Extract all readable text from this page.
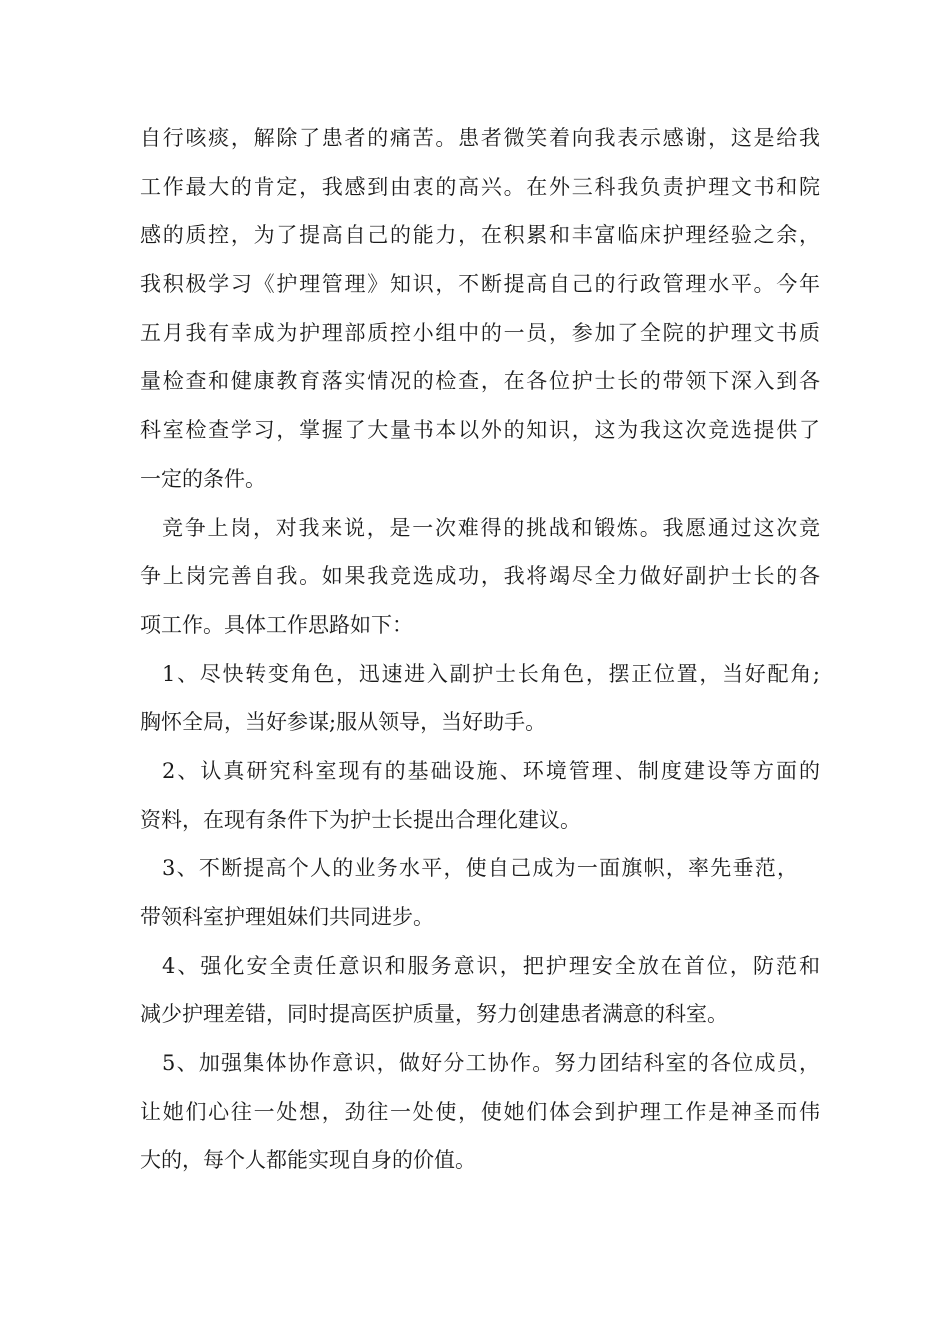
自行咳痰，解除了患者的痛苦。患者微笑着向我表示感谢，这是给我
工作最大的肯定，我感到由衷的高兴。在外三科我负责护理文书和院
感的质控，为了提高自己的能力，在积累和丰富临床护理经验之余，
我积极学习《护理管理》知识，不断提高自己的行政管理水平。今年
五月我有幸成为护理部质控小组中的一员，参加了全院的护理文书质
量检查和健康教育落实情况的检查，在各位护士长的带领下深入到各
科室检查学习，掌握了大量书本以外的知识，这为我这次竞选提供了
一定的条件。
竞争上岗，对我来说，是一次难得的挑战和锻炼。我愿通过这次竞
争上岗完善自我。如果我竞选成功，我将竭尽全力做好副护士长的各
项工作。具体工作思路如下：
1、尽快转变角色，迅速进入副护士长角色，摆正位置，当好配角;
胸怀全局，当好参谋;服从领导，当好助手。
2、认真研究科室现有的基础设施、环境管理、制度建设等方面的
资料，在现有条件下为护士长提出合理化建议。
3、不断提高个人的业务水平，使自己成为一面旗帜，率先垂范，
带领科室护理姐妹们共同进步。
4、强化安全责任意识和服务意识，把护理安全放在首位，防范和
减少护理差错，同时提高医护质量，努力创建患者满意的科室。
5、加强集体协作意识，做好分工协作。努力团结科室的各位成员，
让她们心往一处想，劲往一处使，使她们体会到护理工作是神圣而伟
大的，每个人都能实现自身的价值。
